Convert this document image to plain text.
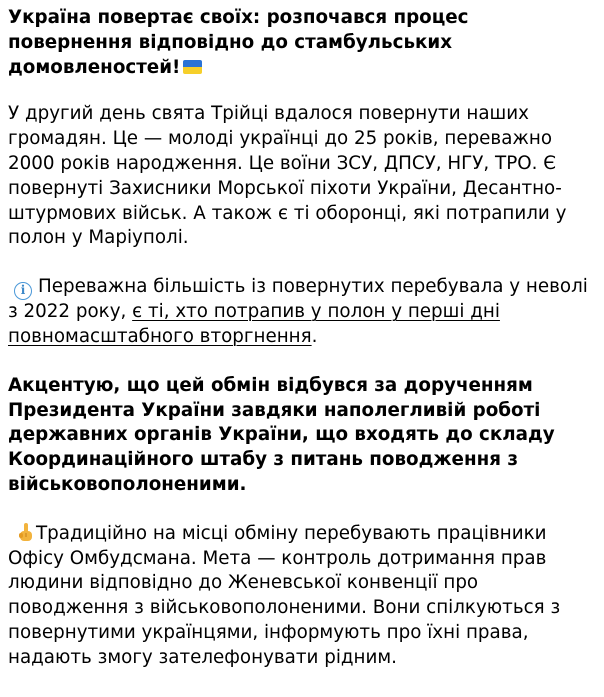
Україна повертає своїх: розпочався процес повернення відповідно до стамбульських домовленостей!

У другий день свята Трійці вдалося повернути наших громадян. Це — молоді українці до 25 років, переважно 2000 років народження. Це воїни ЗСУ, ДПСУ, НГУ, ТРО. Є повернуті Захисники Морської піхоти України, Десантно-штурмових військ. А також є ті оборонці, які потрапили у полон у Маріуполі.

i Переважна більшість із повернутих перебувала у неволі з 2022 року, є ті, хто потрапив у полон у перші дні повномасштабного вторгнення.

Акцентую, що цей обмін відбувся за дорученням Президента України завдяки наполегливій роботі державних органів України, що входять до складу Координаційного штабу з питань поводження з військовополоненими.

Традиційно на місці обміну перебувають працівники Офісу Омбудсмана. Мета — контроль дотримання прав людини відповідно до Женевської конвенції про поводження з військовополоненими. Вони спілкуються з повернутими українцями, інформують про їхні права, надають змогу зателефонувати рідним.
